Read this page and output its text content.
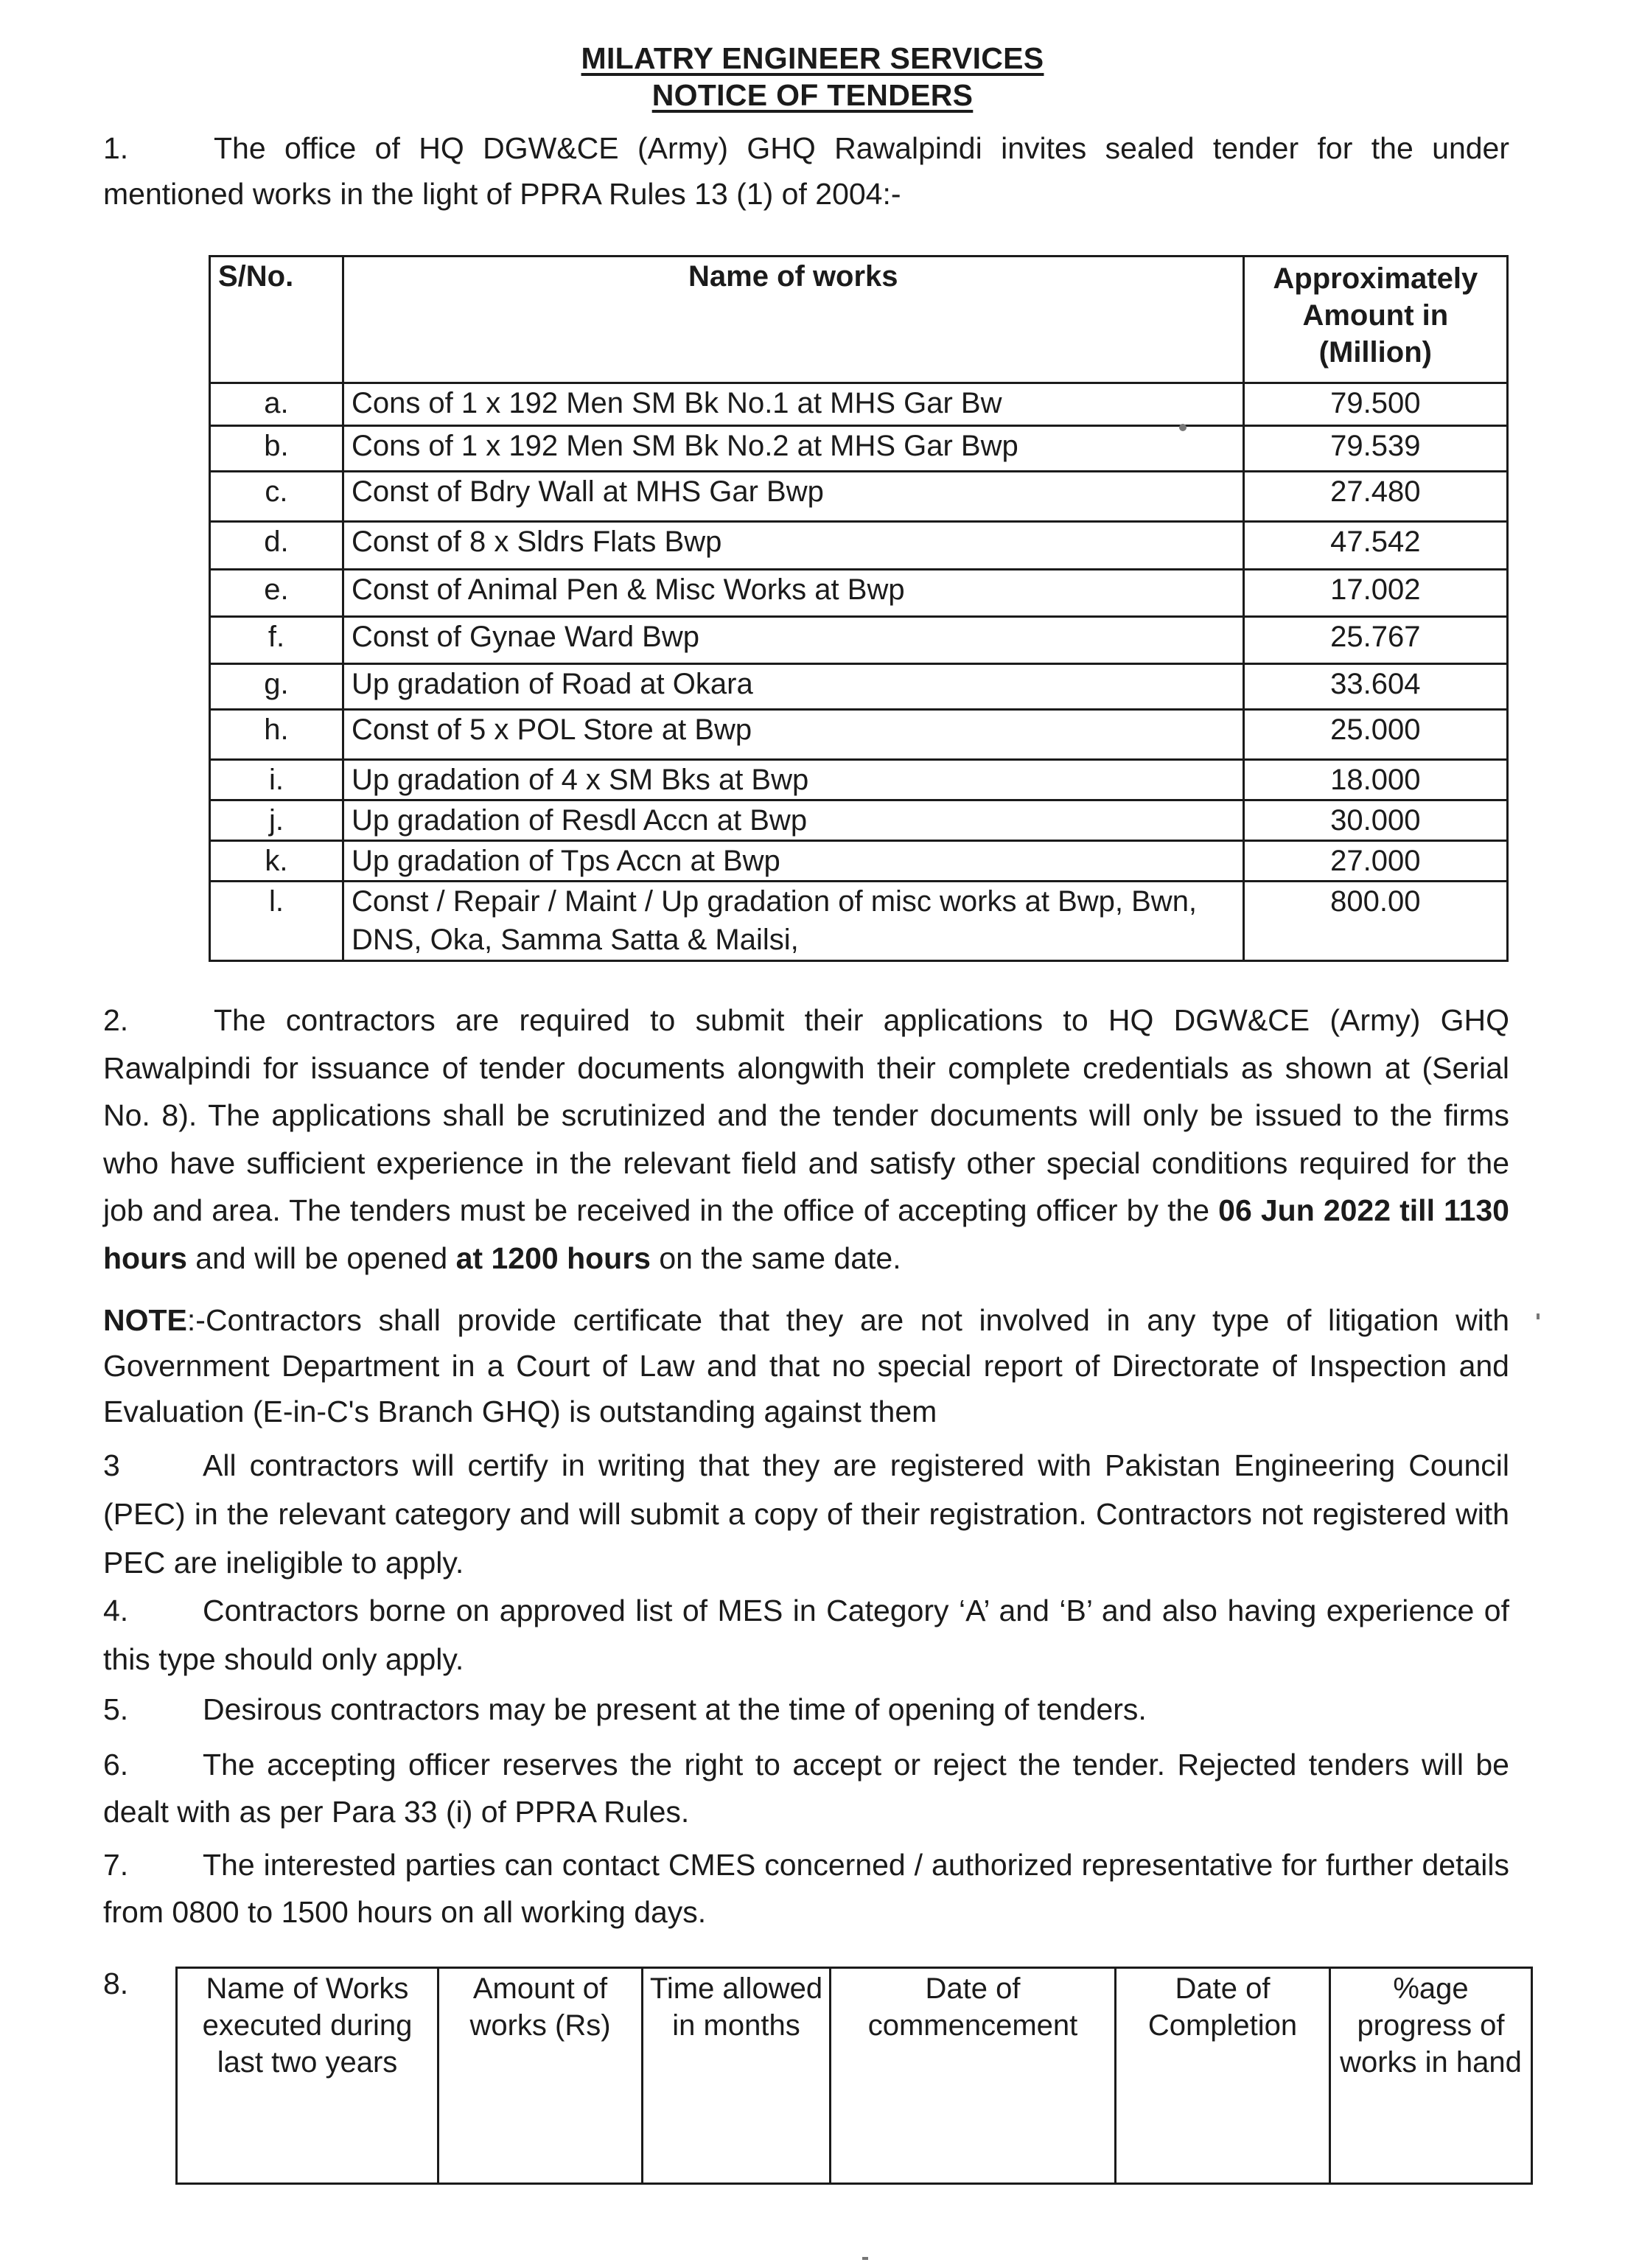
MILATRY ENGINEER SERVICES
NOTICE OF TENDERS
1.	The office of HQ DGW&CE (Army) GHQ Rawalpindi invites sealed tender for the under mentioned works in the light of PPRA Rules 13 (1) of 2004:-
S/No.	Name of works	Approximately
Amount in
(Million)

a.	Cons of 1 x 192 Men SM Bk No.1 at MHS Gar Bw	79.500
b.	Cons of 1 x 192 Men SM Bk No.2 at MHS Gar Bwp	79.539
c.	Const of Bdry Wall at MHS Gar Bwp	27.480
d.	Const of 8 x Sldrs Flats Bwp	47.542
e.	Const of Animal Pen & Misc Works at Bwp	17.002
f.	Const of Gynae Ward Bwp	25.767
g.	Up gradation of Road at Okara	33.604
h.	Const of 5 x POL Store at Bwp	25.000
i.	Up gradation of 4 x SM Bks at Bwp	18.000
j.	Up gradation of Resdl Accn at Bwp	30.000
k.	Up gradation of Tps Accn at Bwp	27.000
l.	Const / Repair / Maint / Up gradation of misc works at Bwp, Bwn, DNS, Oka, Samma Satta & Mailsi,	800.00
2.	The contractors are required to submit their applications to HQ DGW&CE (Army) GHQ Rawalpindi for issuance of tender documents alongwith their complete credentials as shown at (Serial No. 8). The applications shall be scrutinized and the tender documents will only be issued to the firms who have sufficient experience in the relevant field and satisfy other special conditions required for the job and area. The tenders must be received in the office of accepting officer by the 06 Jun 2022 till 1130 hours and will be opened at 1200 hours on the same date.
NOTE:-Contractors shall provide certificate that they are not involved in any type of litigation with Government Department in a Court of Law and that no special report of Directorate of Inspection and Evaluation (E-in-C's Branch GHQ) is outstanding against them
3	All contractors will certify in writing that they are registered with Pakistan Engineering Council (PEC) in the relevant category and will submit a copy of their registration. Contractors not registered with PEC are ineligible to apply.
4. Contractors borne on approved list of MES in Category ‘A’ and ‘B’ and also having experience of this type should only apply.
5. Desirous contractors may be present at the time of opening of tenders.
6. The accepting officer reserves the right to accept or reject the tender. Rejected tenders will be dealt with as per Para 33 (i) of PPRA Rules.
7. The interested parties can contact CMES concerned / authorized representative for further details from 0800 to 1500 hours on all working days.
8.	Name of Works executed during last two years	Amount of works (Rs)	Time allowed in months	Date of commencement	Date of Completion	%age progress of works in hand
